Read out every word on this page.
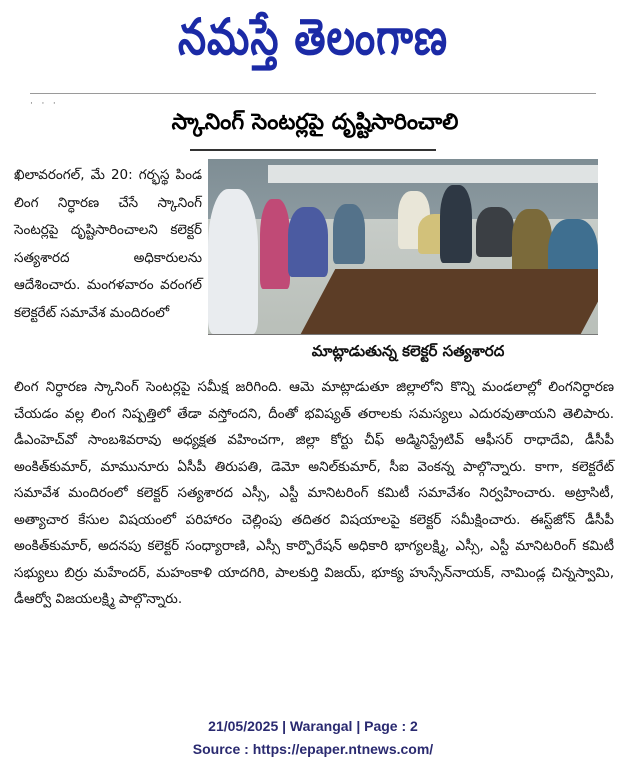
నమస్తే తెలంగాణ
·   ·   ·
స్కానింగ్ సెంటర్లపై దృష్టిసారించాలి

ఖిలావరంగల్, మే 20: గర్భస్థ పిండ లింగ నిర్ధారణ చేసే స్కానింగ్ సెంటర్లపై దృష్టిసారించాలని కలెక్టర్ సత్యశారద అధికారులను ఆదేశించారు. మంగళవారం వరంగల్ కలెక్టరేట్ సమావేశ మందిరంలో

మాట్లాడుతున్న కలెక్టర్ సత్యశారద

లింగ నిర్ధారణ స్కానింగ్ సెంటర్లపై సమీక్ష జరిగింది. ఆమె మాట్లాడుతూ జిల్లాలోని కొన్ని మండలాల్లో లింగనిర్ధారణ చేయడం వల్ల లింగ నిష్పత్తిలో తేడా వస్తోందని, దీంతో భవిష్యత్ తరాలకు సమస్యలు ఎదురవుతాయని తెలిపారు. డీఎంహెచ్‌వో సాంబశివరావు అధ్యక్షత వహించగా, జిల్లా కోర్టు చీఫ్ అడ్మినిస్ట్రేటివ్ ఆఫీసర్ రాధాదేవి, డీసీపీ అంకిత్‌కుమార్, మామునూరు ఏసీపీ తిరుపతి, డెమో అనిల్‌కుమార్, సీఐ వెంకన్న పాల్గొన్నారు. కాగా, కలెక్టరేట్ సమావేశ మందిరంలో కలెక్టర్ సత్యశారద ఎస్సీ, ఎస్టీ మానిటరింగ్ కమిటీ సమావేశం నిర్వహించారు. అట్రాసిటీ, అత్యాచార కేసుల విషయంలో పరిహారం చెల్లింపు తదితర విషయాలపై కలెక్టర్ సమీక్షించారు. ఈస్ట్‌జోన్ డీసీపీ అంకిత్‌కుమార్, అదనపు కలెక్టర్ సంధ్యారాణి, ఎస్సీ కార్పొరేషన్ అధికారి భాగ్యలక్ష్మి, ఎస్సీ, ఎస్టీ మానిటరింగ్ కమిటీ సభ్యులు బిర్రు మహేందర్, మహంకాళి యాదగిరి, పాలకుర్తి విజయ్, భూక్య హుస్సేన్‌నాయక్, నామిండ్ల చిన్నస్వామి, డీఆర్వో విజయలక్ష్మి పాల్గొన్నారు.

21/05/2025 | Warangal | Page : 2
Source : https://epaper.ntnews.com/
